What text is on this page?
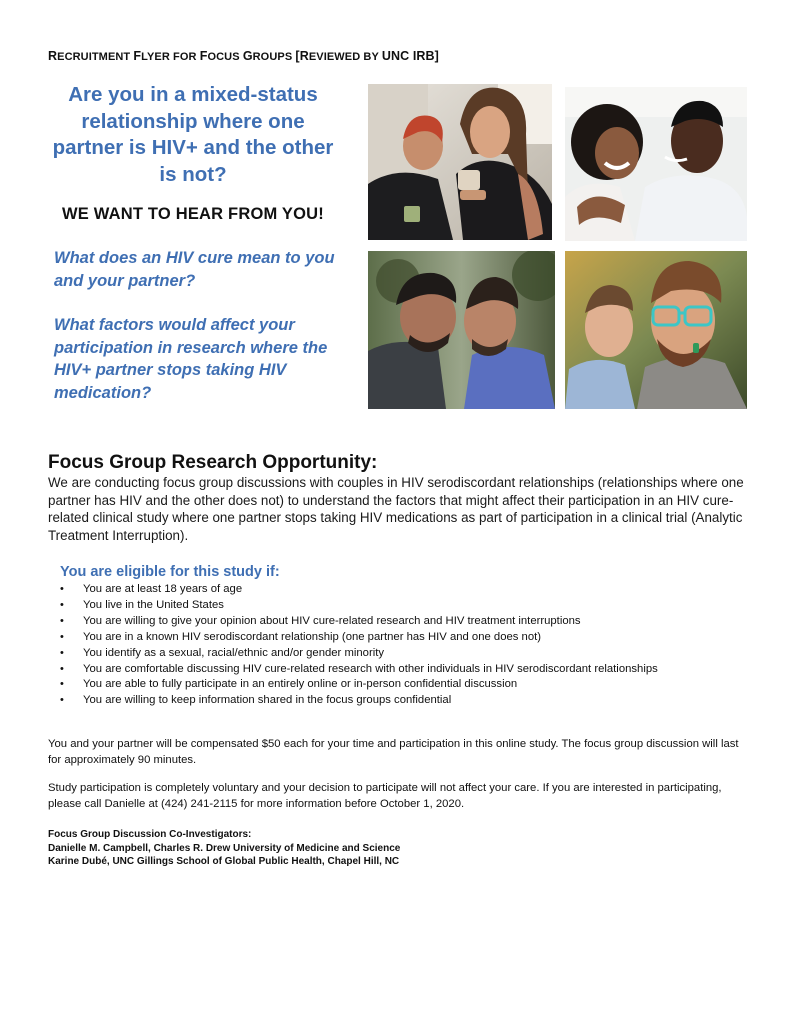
RECRUITMENT FLYER FOR FOCUS GROUPS [REVIEWED BY UNC IRB]
Are you in a mixed-status relationship where one partner is HIV+ and the other is not?
WE WANT TO HEAR FROM YOU!
What does an HIV cure mean to you and your partner?
What factors would affect your participation in research where the HIV+ partner stops taking HIV medication?
Focus Group Research Opportunity:
We are conducting focus group discussions with couples in HIV serodiscordant relationships (relationships where one partner has HIV and the other does not) to understand the factors that might affect their participation in an HIV cure-related clinical study where one partner stops taking HIV medications as part of participation in a clinical trial (Analytic Treatment Interruption).
You are eligible for this study if:
• You are at least 18 years of age
• You live in the United States
• You are willing to give your opinion about HIV cure-related research and HIV treatment interruptions
• You are in a known HIV serodiscordant relationship (one partner has HIV and one does not)
• You identify as a sexual, racial/ethnic and/or gender minority
• You are comfortable discussing HIV cure-related research with other individuals in HIV serodiscordant relationships
• You are able to fully participate in an entirely online or in-person confidential discussion
• You are willing to keep information shared in the focus groups confidential
You and your partner will be compensated $50 each for your time and participation in this online study. The focus group discussion will last for approximately 90 minutes.
Study participation is completely voluntary and your decision to participate will not affect your care. If you are interested in participating, please call Danielle at (424) 241-2115 for more information before October 1, 2020.
Focus Group Discussion Co-Investigators:
Danielle M. Campbell, Charles R. Drew University of Medicine and Science
Karine Dubé, UNC Gillings School of Global Public Health, Chapel Hill, NC
